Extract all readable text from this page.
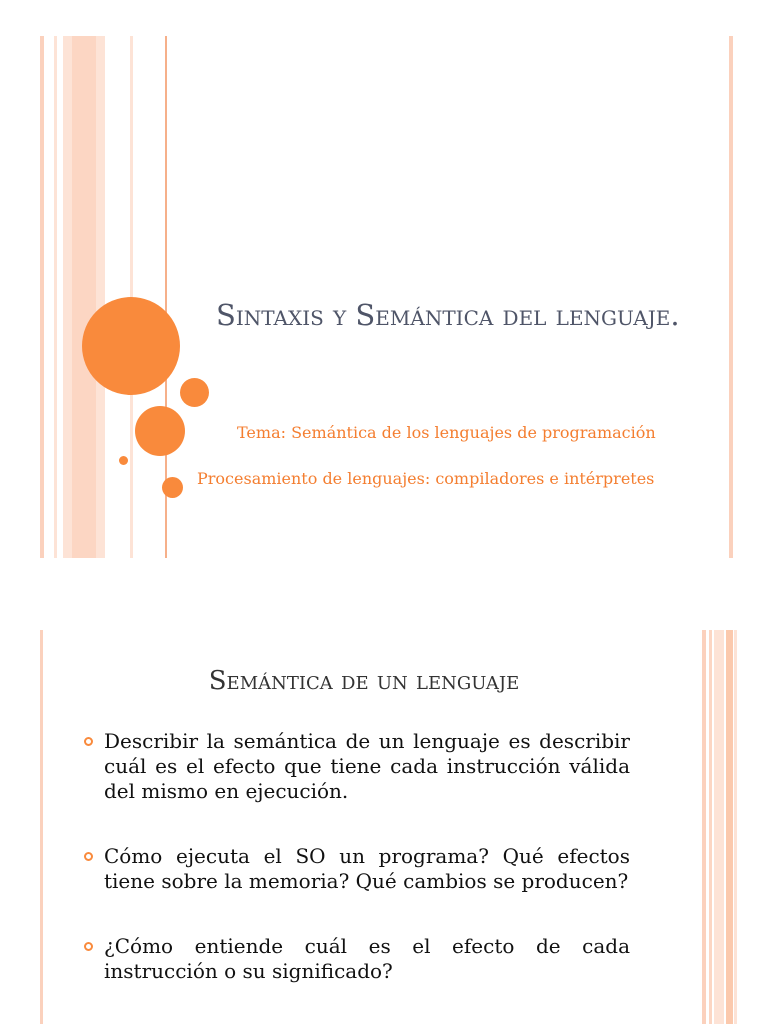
Sintaxis y Semántica del lenguaje.

Tema: Semántica de los lenguajes de programación

Procesamiento de lenguajes: compiladores e intérpretes

Semántica de un lenguaje
Describir la semántica de un lenguaje es describir cuál es el efecto que tiene cada instrucción válida del mismo en ejecución.
Cómo ejecuta el SO un programa? Qué efectos tiene sobre la memoria? Qué cambios se producen?
¿Cómo entiende cuál es el efecto de cada instrucción o su significado?
